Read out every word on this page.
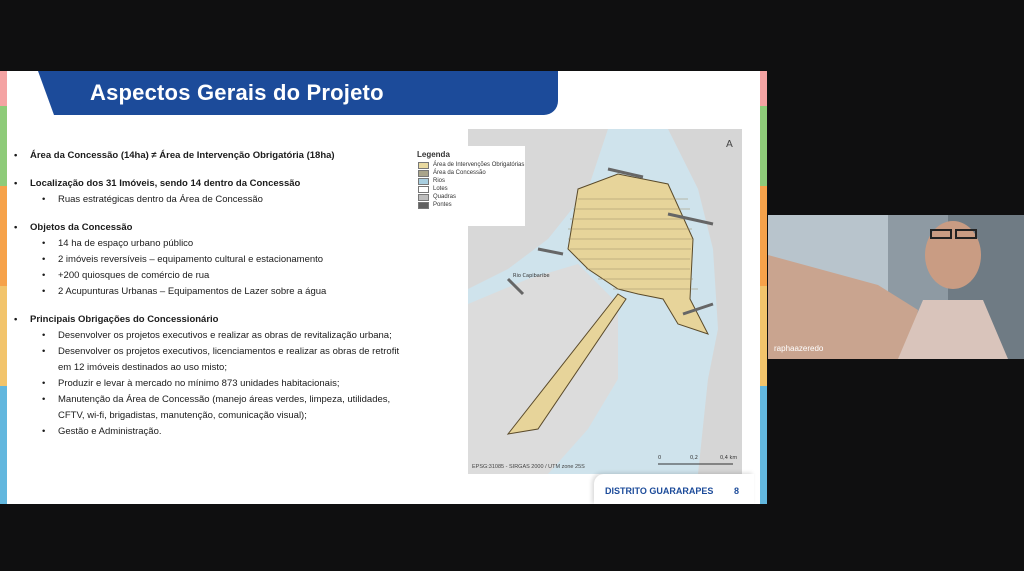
Aspectos Gerais do Projeto
• Área da Concessão (14ha) ≠ Área de Intervenção Obrigatória (18ha)
• Localização dos 31 Imóveis, sendo 14 dentro da Concessão
• Ruas estratégicas dentro da Área de Concessão
• Objetos da Concessão
• 14 ha de espaço urbano público
• 2 imóveis reversíveis – equipamento cultural e estacionamento
• +200 quiosques de comércio de rua
• 2 Acupunturas Urbanas – Equipamentos de Lazer sobre a água
• Principais Obrigações do Concessionário
• Desenvolver os projetos executivos e realizar as obras de revitalização urbana;
• Desenvolver os projetos executivos, licenciamentos e realizar as obras de retrofit
em 12 imóveis destinados ao uso misto;
• Produzir e levar à mercado no mínimo 873 unidades habitacionais;
• Manutenção da Área de Concessão (manejo áreas verdes, limpeza, utilidades,
CFTV, wi-fi, brigadistas, manutenção, comunicação visual);
• Gestão e Administração.
Rio Capibaribe
A
0	0,2	0,4 km
EPSG:31085 - SIRGAS 2000 / UTM zone 25S
Legenda
Área de Intervenções Obrigatórias
Área da Concessão
Rios
Lotes
Quadras
Pontes
DISTRITO GUARARAPES 8
raphaazeredo
